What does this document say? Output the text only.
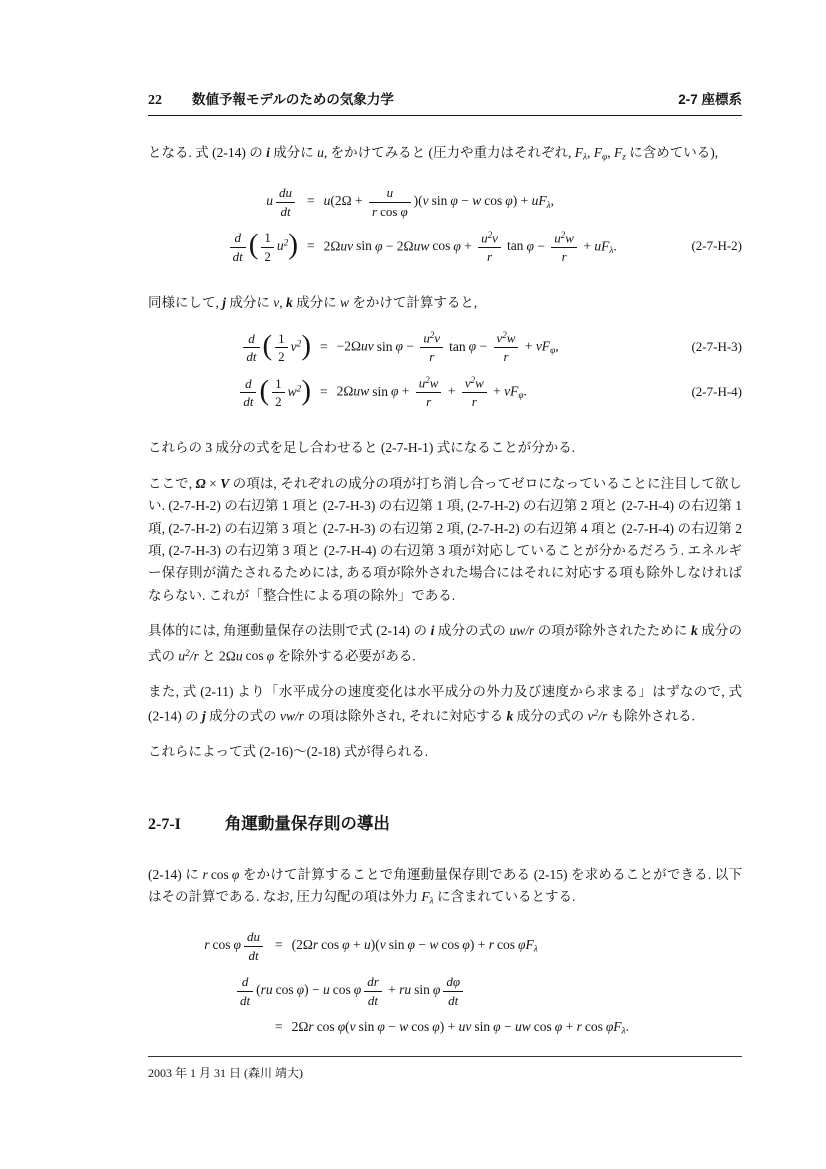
22 数値予報モデルのための気象力学	2-7 座標系

となる. 式 (2-14) の i 成分に u, をかけてみると (圧力や重力はそれぞれ, Fλ, Fφ, Fz に含めている),

u $\frac{du}{dt} = u(2\Omega + \frac{u}{\text{r cos φ}} )(v$ sin φ − w cos φ) + uFλ,
$\frac{d}{dt}$ ( $\frac{1}{2} u^2) = 2\Omega uv$ sin φ − 2Ωuw $\cos \varphi + \frac{u^2v}{r}$ $\tan \varphi - \frac{u^2w}{r} + uF\lambda$.	(2-7-H-2)

同様にして, j 成分に v, k 成分に w をかけて計算すると,

$\frac{d}{dt}$ ( $\frac{1}{2} v^2) = -2\Omega uv$ $\sin \varphi - \frac{u^2v}{r}$ $\tan \varphi - \frac{v^2w}{r} + vF\varphi$,	(2-7-H-3)
$\frac{d}{dt}$ ( $\frac{1}{2} w^2) = 2\Omega uw$ $\sin \varphi + \frac{u^2w}{r} + \frac{v^2w}{r} + vF\varphi$.	(2-7-H-4)

これらの 3 成分の式を足し合わせると (2-7-H-1) 式になることが分かる.

ここで, Ω × V の項は, それぞれの成分の項が打ち消し合ってゼロになっていることに注目して欲しい. (2-7-H-2) の右辺第 1 項と (2-7-H-3) の右辺第 1 項, (2-7-H-2) の右辺第 2 項と (2-7-H-4) の右辺第 1 項, (2-7-H-2) の右辺第 3 項と (2-7-H-3) の右辺第 2 項, (2-7-H-2) の右辺第 4 項と (2-7-H-4) の右辺第 2 項, (2-7-H-3) の右辺第 3 項と (2-7-H-4) の右辺第 3 項が対応していることが分かるだろう. エネルギー保存則が満たされるためには, ある項が除外された場合にはそれに対応する項も除外しなければならない. これが「整合性による項の除外」である.

具体的には, 角運動量保存の法則で式 (2-14) の i 成分の式の uw/r の項が除外されたために k 成分の式の $u^2/r$ と 2Ωu cos φ を除外する必要がある.

また, 式 (2-11) より「水平成分の速度変化は水平成分の外力及び速度から求まる」はずなので, 式 (2-14) の j 成分の式の vw/r の項は除外され, それに対応する k 成分の式の $v^2/r$ も除外される.

これらによって式 (2-16)〜(2-18) 式が得られる.

2-7-I	角運動量保存則の導出

(2-14) に r cos φ をかけて計算することで角運動量保存則である (2-15) を求めることができる. 以下はその計算である. なお, 圧力勾配の項は外力 Fλ に含まれているとする.

r cos φ $\frac{du}{dt} = (2\Omega r$ cos φ + u)(v sin φ − w cos φ) + r cos φFλ
$\frac{d}{dt} (ru$ cos φ) − u cos φ $\frac{dr}{dt}$ + ru sin φ $\frac{d\varphi}{dt}$
= 2Ωr cos φ(v sin φ − w cos φ) + uv sin φ − uw cos φ + r cos φFλ.
2003 年 1 月 31 日 (森川 靖大)
